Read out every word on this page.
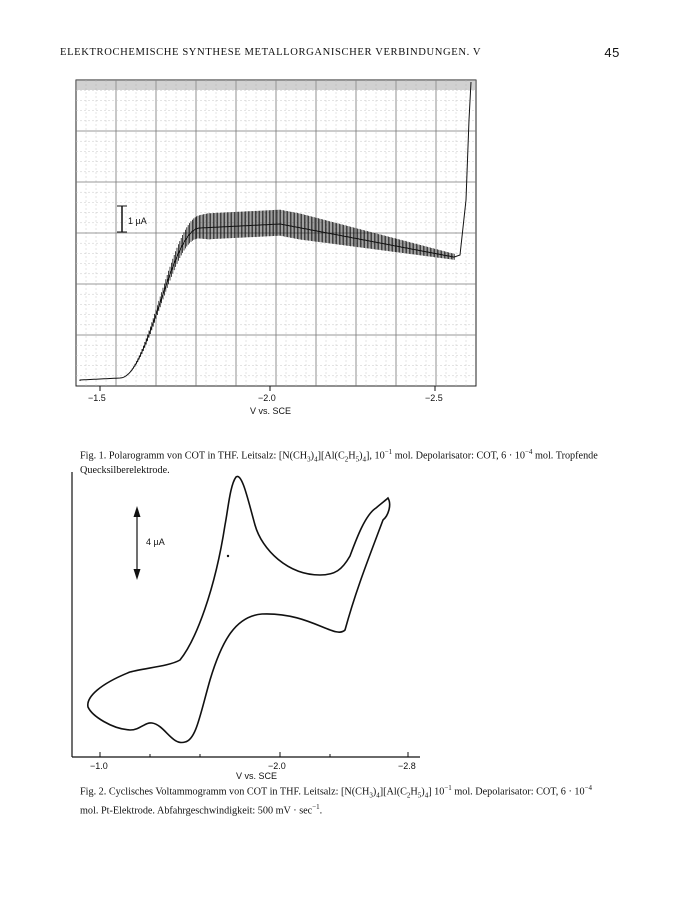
ELEKTROCHEMISCHE SYNTHESE METALLORGANISCHER VERBINDUNGEN. V	45
1 µA
−1.5	−2.0	−2.5
V vs. SCE
4 µA
−1.0	−2.0	−2.8
V vs. SCE
Fig. 1. Polarogramm von COT in THF. Leitsalz: $[N(CH_3)_4][Al(C_2H_5)_4]$, $10^{-1}$ mol. Depolarisator: COT, $6 \cdot 10^{-4}$ mol. Tropfende Quecksilberelektrode.
Fig. 2. Cyclisches Voltammogramm von COT in THF. Leitsalz: $[N(CH_3)_4][Al(C_2H_5)_4]$ $10^{-1}$ mol. Depolarisator: COT, $6 \cdot 10^{-4}$ mol. Pt-Elektrode. Abfahrgeschwindigkeit: 500 mV · $\sec^{-1}$.
